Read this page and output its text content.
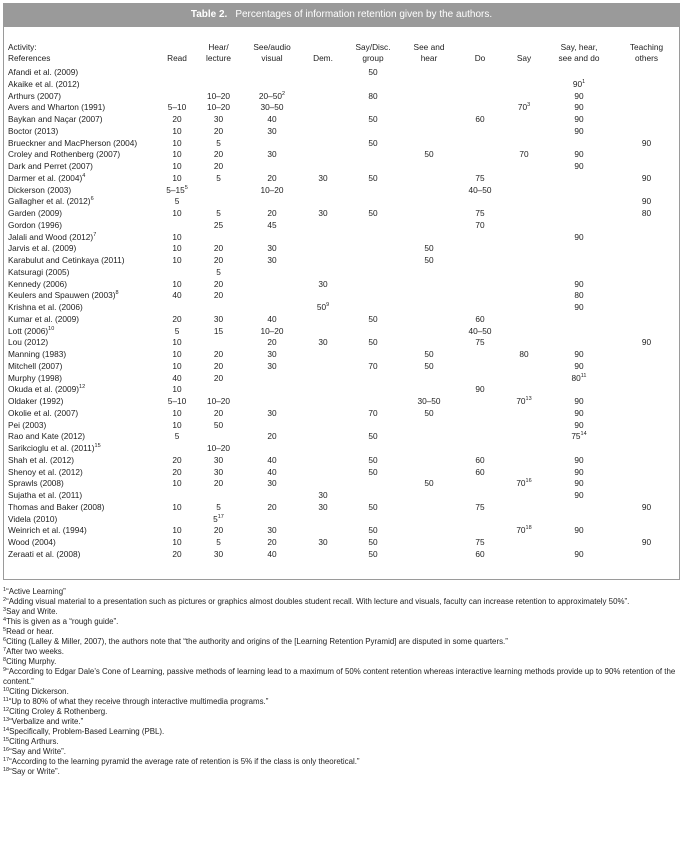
Table 2. Percentages of information retention given by the authors.
Activity:
References	Read	Hear/
lecture	See/audio
visual	Dem.	Say/Disc.
group	See and
hear	Do	Say	Say, hear,
see and do	Teaching
others
Afandi et al. (2009)					50					
Akaike et al. (2012)									$90^1$	
Arthurs (2007)		10–20	$20-50^2$		80				90	
Avers and Wharton (1991)	5–10	10–20	30–50					$70^3$	90	
Baykan and Naçar (2007)	20	30	40		50		60		90	
Boctor (2013)	10	20	30						90	
Brueckner and MacPherson (2004)	10	5			50					90
Croley and Rothenberg (2007)	10	20	30			50		70	90	
Dark and Perret (2007)	10	20							90	
Darmer et al. $(2004)^4$	10	5	20	30	50		75			90
Dickerson (2003)	$5-15^5$		10–20				40–50			
Gallagher et al. $(2012)^6$	5									90
Garden (2009)	10	5	20	30	50		75			80
Gordon (1996)		25	45				70			
Jalali and Wood $(2012)^7$	10								90	
Jarvis et al. (2009)	10	20	30			50				
Karabulut and Cetinkaya (2011)	10	20	30			50				
Katsuragi (2005)		5								
Kennedy (2006)	10	20		30					90	
Keulers and Spauwen $(2003)^8$	40	20							80	
Krishna et al. (2006)				$50^9$					90	
Kumar et al. (2009)	20	30	40		50		60			
Lott $(2006)^{10}$	5	15	10–20				40–50			
Lou (2012)	10		20	30	50		75			90
Manning (1983)	10	20	30			50		80	90	
Mitchell (2007)	10	20	30		70	50			90	
Murphy (1998)	40	20							$80^{11}$	
Okuda et al. $(2009)^{12}$	10						90			
Oldaker (1992)	5–10	10–20				30–50		$70^{13}$	90	
Okolie et al. (2007)	10	20	30		70	50			90	
Pei (2003)	10	50							90	
Rao and Kate (2012)	5		20		50				$75^{14}$	
Sarikcioglu et al. $(2011)^{15}$		10–20								
Shah et al. (2012)	20	30	40		50		60		90	
Shenoy et al. (2012)	20	30	40		50		60		90	
Sprawls (2008)	10	20	30			50		$70^{16}$	90	
Sujatha et al. (2011)				30					90	
Thomas and Baker (2008)	10	5	20	30	50		75			90
Videla (2010)		$5^{17}$								
Weinrich et al. (1994)	10	20	30		50			$70^{18}$	90	
Wood (2004)	10	5	20	30	50		75			90
Zeraati et al. (2008)	20	30	40		50		60		90	
$^1$“Active Learning”
$^2$“Adding visual material to a presentation such as pictures or graphics almost doubles student recall. With lecture and visuals, faculty can increase retention to approximately 50%”.
$^3$Say and Write.
$^4$This is given as a “rough guide”.
$^5$Read or hear.
$^6$Citing (Lalley & Miller, 2007), the authors note that “the authority and origins of the [Learning Retention Pyramid] are disputed in some quarters.”
$^7$After two weeks.
$^8$Citing Murphy.
$^9$“According to Edgar Dale’s Cone of Learning, passive methods of learning lead to a maximum of 50% content retention whereas interactive learning methods provide up to 90% retention of the content.”
$^{10}$Citing Dickerson.
$^{11}$“Up to 80% of what they receive through interactive multimedia programs.”
$^{12}$Citing Croley & Rothenberg.
$^{13}$“Verbalize and write.”
$^{14}$Specifically, Problem-Based Learning (PBL).
$^{15}$Citing Arthurs.
$^{16}$“Say and Write”.
$^{17}$“According to the learning pyramid the average rate of retention is 5% if the class is only theoretical.”
$^{18}$“Say or Write”.
